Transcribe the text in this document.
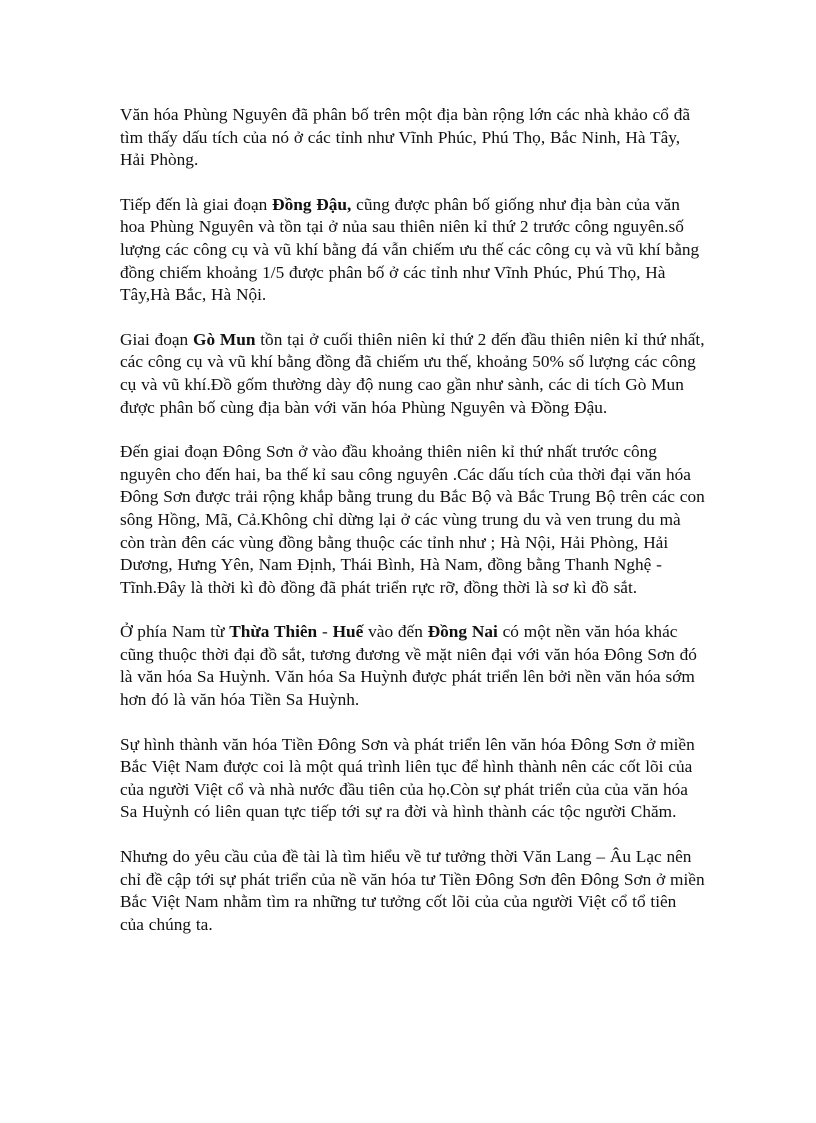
Văn hóa Phùng Nguyên đã phân bố trên một địa bàn rộng lớn các nhà khảo cổ đã tìm thấy dấu tích của nó ở các tỉnh như Vĩnh Phúc, Phú Thọ, Bắc Ninh, Hà Tây, Hải Phòng.

Tiếp đến là giai đoạn Đồng Đậu, cũng được phân bố giống như địa bàn của văn hoa Phùng Nguyên và tồn tại ở nủa sau thiên niên kỉ thứ 2 trước công nguyên.số lượng các công cụ và vũ khí bằng đá vẫn chiếm ưu thế các công cụ và vũ khí bằng đồng chiếm khoảng 1/5 được phân bố ở các tỉnh như Vĩnh Phúc, Phú Thọ, Hà Tây,Hà Bắc, Hà Nội.

Giai đoạn Gò Mun tồn tại ở cuối thiên niên kỉ thứ 2 đến đầu thiên niên kỉ thứ nhất, các công cụ và vũ khí bằng đồng đã chiếm ưu thế, khoảng 50% số lượng các công cụ và vũ khí.Đồ gốm thường dày độ nung cao gần như sành, các di tích Gò Mun được phân bố cùng địa bàn với văn hóa Phùng Nguyên và Đồng Đậu.

Đến giai đoạn Đông Sơn ở vào đầu khoảng thiên niên kỉ thứ nhất trước công nguyên cho đến hai, ba thế kỉ sau công nguyên .Các dấu tích của thời đại văn hóa Đông Sơn được trải rộng khắp bằng trung du Bắc Bộ và Bắc Trung Bộ trên các con sông Hồng, Mã, Cả.Không chỉ dừng lại ở các vùng trung du và ven trung du mà còn tràn đên các vùng đồng bằng thuộc các tỉnh như ; Hà Nội, Hải Phòng, Hải Dương, Hưng Yên, Nam Định, Thái Bình, Hà Nam, đồng bằng Thanh Nghệ - Tĩnh.Đây là thời kì đò đồng đã phát triển rực rỡ, đồng thời là sơ kì đồ sắt.

Ở phía Nam từ Thừa Thiên - Huế vào đến Đồng Nai có một nền văn hóa khác cũng thuộc thời đại đồ sắt, tương đương về mặt niên đại với văn hóa Đông Sơn đó là văn hóa Sa Huỳnh. Văn hóa Sa Huỳnh được phát triển lên bởi nền văn hóa sớm hơn đó là văn hóa Tiền Sa Huỳnh.

Sự hình thành văn hóa Tiền Đông Sơn và phát triển lên văn hóa Đông Sơn ở miền Bắc Việt Nam được coi là một quá trình liên tục để hình thành nên các cốt lõi của của người Việt cổ và nhà nước đầu tiên của họ.Còn sự phát triển của của văn hóa Sa Huỳnh có liên quan tực tiếp tới sự ra đời và hình thành các tộc người Chăm.

Nhưng do yêu cầu của đề tài là tìm hiểu về tư tưởng thời Văn Lang – Âu Lạc nên chỉ đề cập tới sự phát triển của nề văn hóa tư Tiền Đông Sơn đên Đông Sơn ở miền Bắc Việt Nam nhằm tìm ra những tư tưởng cốt lõi của của người Việt cổ tổ tiên của chúng ta.
